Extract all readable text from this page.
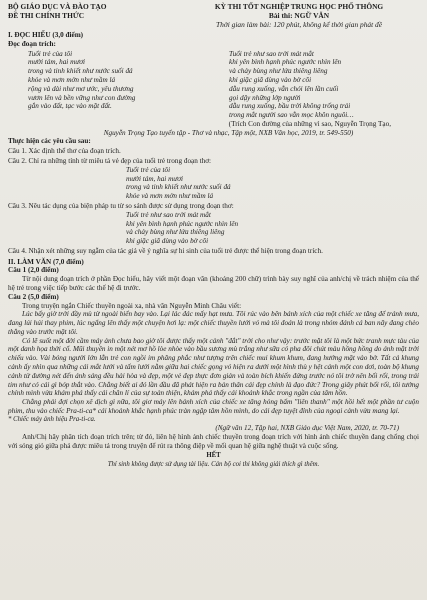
BỘ GIÁO DỤC VÀ ĐÀO TẠO
ĐỀ THI CHÍNH THỨC
KỲ THI TỐT NGHIỆP TRUNG HỌC PHỔ THÔNG
Bài thi: NGỮ VĂN
Thời gian làm bài: 120 phút, không kể thời gian phát đề
I. ĐỌC HIỂU (3,0 điểm)
Đọc đoạn trích:
Tuổi trẻ của tôi
mười tám, hai mươi
trong và tinh khiết như nước suối đá
khỏe và mơn mởn như mầm lá
rộng và dài như mơ ước, yêu thương
vươn lên và bền vững như con đường
gắn vào đất, tạc vào mặt đất.
Tuổi trẻ như sao trời mát mắt
khi yên bình hạnh phúc ngước nhìn lên
và chảy bùng như lửa thiêng liêng
khi giặc giã dùng vào bờ cõi
dẫu rung xuống, vẫn chói lên lần cuối
gọi dậy những lớp người
dẫu rung xuống, bầu trời không trống trải
trong mắt người sao vẫn mọc khôn nguôi…
(Trích Con đường của những vì sao, Nguyễn Trọng Tạo,
Nguyễn Trọng Tạo tuyển tập - Thơ và nhạc, Tập một, NXB Văn học, 2019, tr. 549-550)
Thực hiện các yêu cầu sau:
Câu 1. Xác định thể thơ của đoạn trích.
Câu 2. Chỉ ra những tính từ miêu tả vẻ đẹp của tuổi trẻ trong đoạn thơ:
Tuổi trẻ của tôi
mười tám, hai mươi
trong và tinh khiết như nước suối đá
khỏe và mơn mởn như mầm lá
Câu 3. Nêu tác dụng của biện pháp tu từ so sánh được sử dụng trong đoạn thơ:
Tuổi trẻ như sao trời mát mắt
khi yên bình hạnh phúc ngước nhìn lên
và chảy bùng như lửa thiêng liêng
khi giặc giã dùng vào bờ cõi
Câu 4. Nhận xét những suy ngẫm của tác giả về ý nghĩa sự hi sinh của tuổi trẻ được thể hiện trong đoạn trích.
II. LÀM VĂN (7,0 điểm)
Câu 1 (2,0 điểm)
Từ nội dung đoạn trích ở phần Đọc hiểu, hãy viết một đoạn văn (khoảng 200 chữ) trình bày suy nghĩ của anh/chị về trách nhiệm của thế hệ trẻ trong việc tiếp bước các thế hệ đi trước.
Câu 2 (5,0 điểm)
Trong truyện ngắn Chiếc thuyền ngoài xa, nhà văn Nguyễn Minh Châu viết:
Lúc bấy giờ trời đầy mù từ ngoài biển bay vào. Lại lác đác mấy hạt mưa. Tôi rúc vào bên bánh xích của một chiếc xe tăng để tránh mưa, đang lúi húi thay phim, lúc ngẩng lên thấy một chuyện hơi lạ: một chiếc thuyền lưới vó mà tôi đoán là trong nhóm đánh cá ban nãy đang chèo thẳng vào trước mặt tôi.
Có lẽ suốt một đời cầm máy ảnh chưa bao giờ tôi được thấy một cảnh "đắt" trời cho như vậy: trước mặt tôi là một bức tranh mực tàu của một danh họa thời cổ. Mũi thuyền in một nét mơ hồ lòe nhòe vào bầu sương mù trắng như sữa có pha đôi chút màu hồng hồng do ánh mặt trời chiếu vào. Vài bóng người lớn lẫn trẻ con ngồi im phăng phắc như tượng trên chiếc mui khum khum, đang hướng mặt vào bờ. Tất cả khung cảnh ấy nhìn qua những cái mắt lưới và tấm lưới nằm giữa hai chiếc gọng vó hiện ra dưới một hình thù y hệt cánh một con dơi, toàn bộ khung cảnh từ đường nét đến ánh sáng đều hài hòa và đẹp, một vẻ đẹp thực đơn giản và toàn bích khiến đứng trước nó tôi trở nên bối rối, trong trái tim như có cái gì bóp thắt vào. Chẳng biết ai đó lần đầu đã phát hiện ra bản thân cái đẹp chính là đạo đức? Trong giây phút bối rối, tôi tưởng chính mình vừa khám phá thấy cái chân lí của sự toàn thiện, khám phá thấy cái khoảnh khắc trong ngần của tâm hồn.
Chẳng phải đợi chọn xê dịch gì nữa, tôi giơ máy lên bánh xích của chiếc xe tăng hỏng bấm "liên thanh" một hồi hết một phần tư cuộn phim, thu vào chiếc Pra-ti-ca* cái khoảnh khắc hạnh phúc tràn ngập tâm hồn mình, do cái đẹp tuyệt đỉnh của ngoại cảnh vừa mang lại.
* Chiếc máy ảnh hiệu Pra-ti-ca.
(Ngữ văn 12, Tập hai, NXB Giáo dục Việt Nam, 2020, tr. 70-71)
Anh/Chị hãy phân tích đoạn trích trên; từ đó, liên hệ hình ảnh chiếc thuyền trong đoạn trích với hình ảnh chiếc thuyền đang chống chọi với sóng gió giữa phá được miêu tả trong truyện để rút ra thông điệp về mối quan hệ giữa nghệ thuật và cuộc sống.
HẾT
Thí sinh không được sử dụng tài liệu. Cán bộ coi thi không giải thích gì thêm.
